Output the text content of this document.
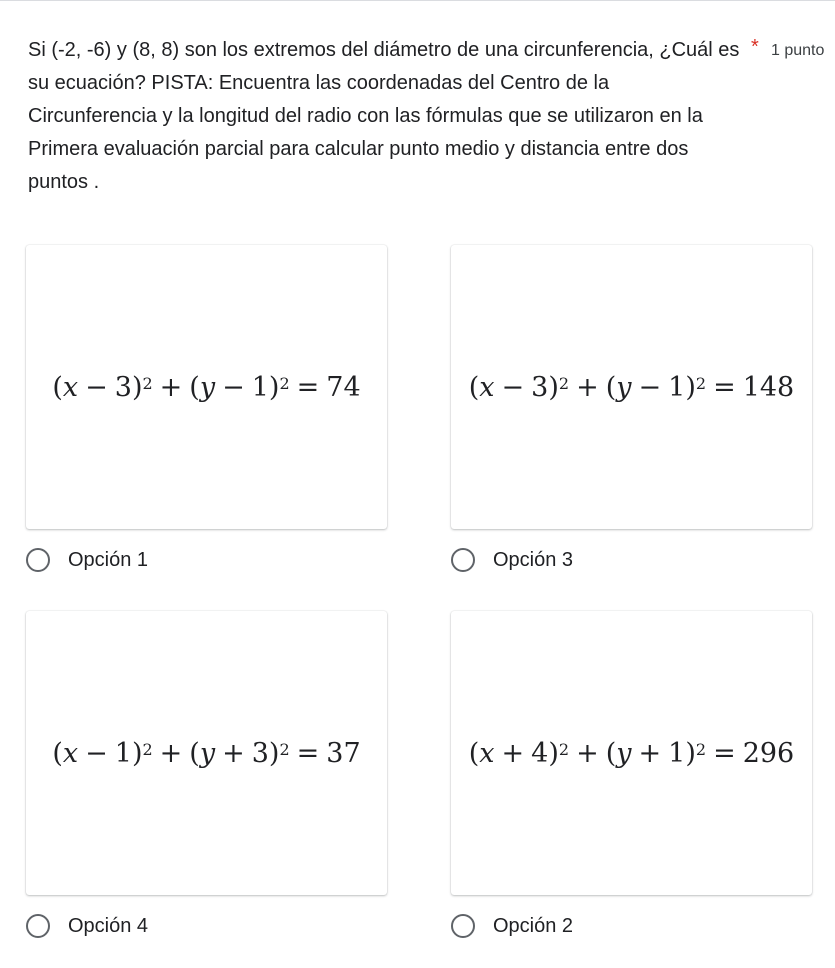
Si (-2, -6) y (8, 8) son los extremos del diámetro de una circunferencia, ¿Cuál es su ecuación? PISTA: Encuentra las coordenadas del Centro de la Circunferencia y la longitud del radio con las fórmulas que se utilizaron en la Primera evaluación parcial para calcular punto medio y distancia entre dos puntos .
* 1 punto
( x − 3 )$^2$ + ( y − 1 )$^2$ = 74
Opción 1
( x − 3 )$^2$ + ( y − 1 )$^2$ = 148
Opción 3
( x − 1 )$^2$ + ( y + 3 )$^2$ = 37
Opción 4
( x + 4 )$^2$ + ( y + 1 )$^2$ = 296
Opción 2
